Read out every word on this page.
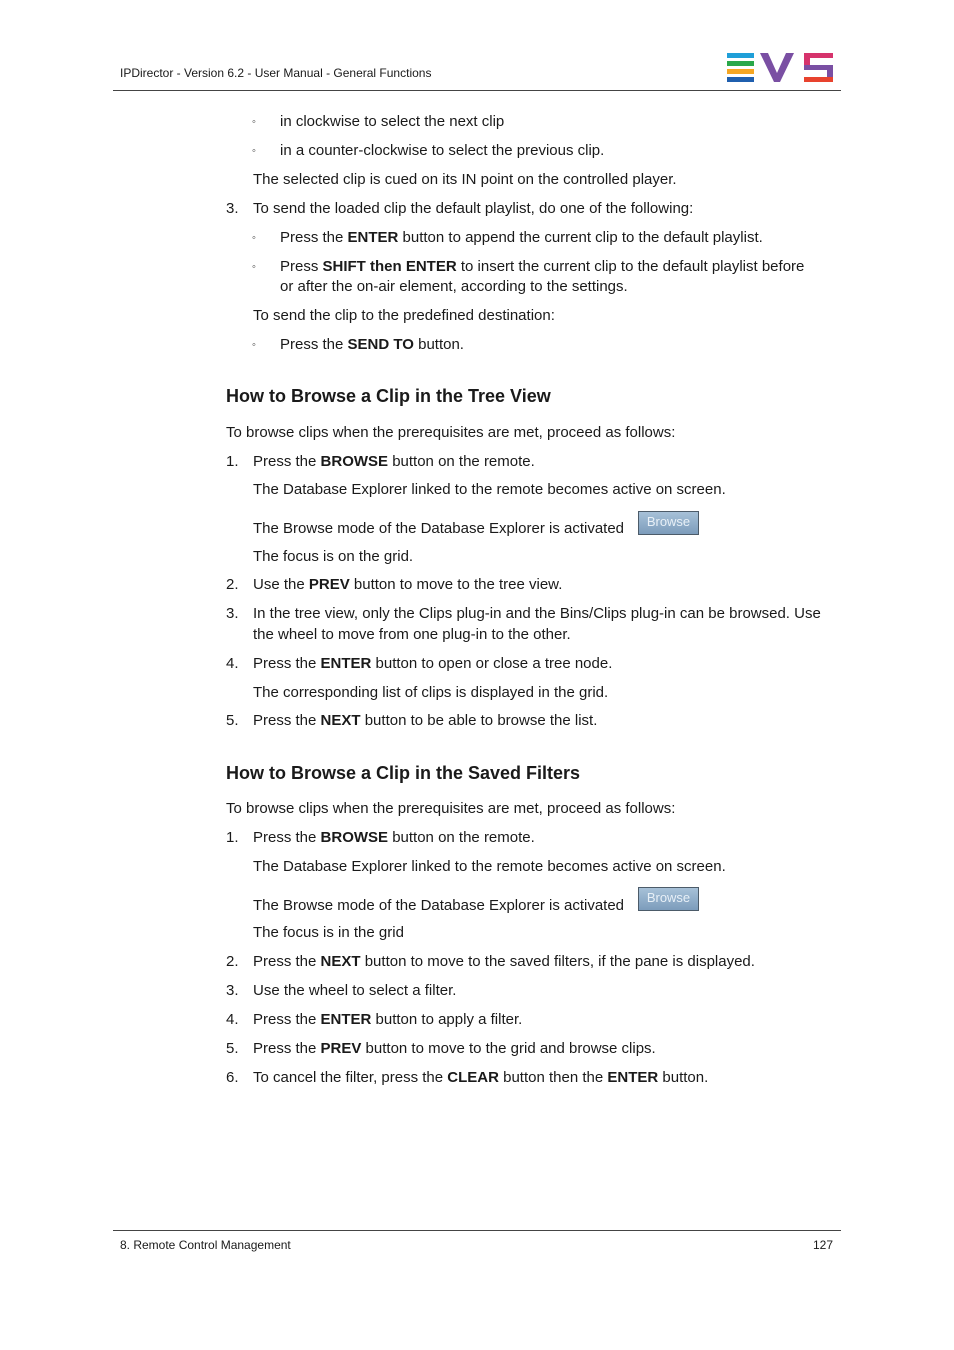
IPDirector - Version 6.2 - User Manual - General Functions
◦ in clockwise to select the next clip
◦ in a counter-clockwise to select the previous clip.
The selected clip is cued on its IN point on the controlled player.
3. To send the loaded clip the default playlist, do one of the following:
◦ Press the ENTER button to append the current clip to the default playlist.
◦ Press SHIFT then ENTER to insert the current clip to the default playlist before
or after the on-air element, according to the settings.
To send the clip to the predefined destination:
◦ Press the SEND TO button.
How to Browse a Clip in the Tree View
To browse clips when the prerequisites are met, proceed as follows:
1. Press the BROWSE button on the remote.
The Database Explorer linked to the remote becomes active on screen.
The Browse mode of the Database Explorer is activated	Browse
The focus is on the grid.
2. Use the PREV button to move to the tree view.
3. In the tree view, only the Clips plug-in and the Bins/Clips plug-in can be browsed. Use
the wheel to move from one plug-in to the other.
4. Press the ENTER button to open or close a tree node.
The corresponding list of clips is displayed in the grid.
5. Press the NEXT button to be able to browse the list.
How to Browse a Clip in the Saved Filters
To browse clips when the prerequisites are met, proceed as follows:
1. Press the BROWSE button on the remote.
The Database Explorer linked to the remote becomes active on screen.
The Browse mode of the Database Explorer is activated	Browse
The focus is in the grid
2. Press the NEXT button to move to the saved filters, if the pane is displayed.
3. Use the wheel to select a filter.
4. Press the ENTER button to apply a filter.
5. Press the PREV button to move to the grid and browse clips.
6. To cancel the filter, press the CLEAR button then the ENTER button.
8. Remote Control Management	127
